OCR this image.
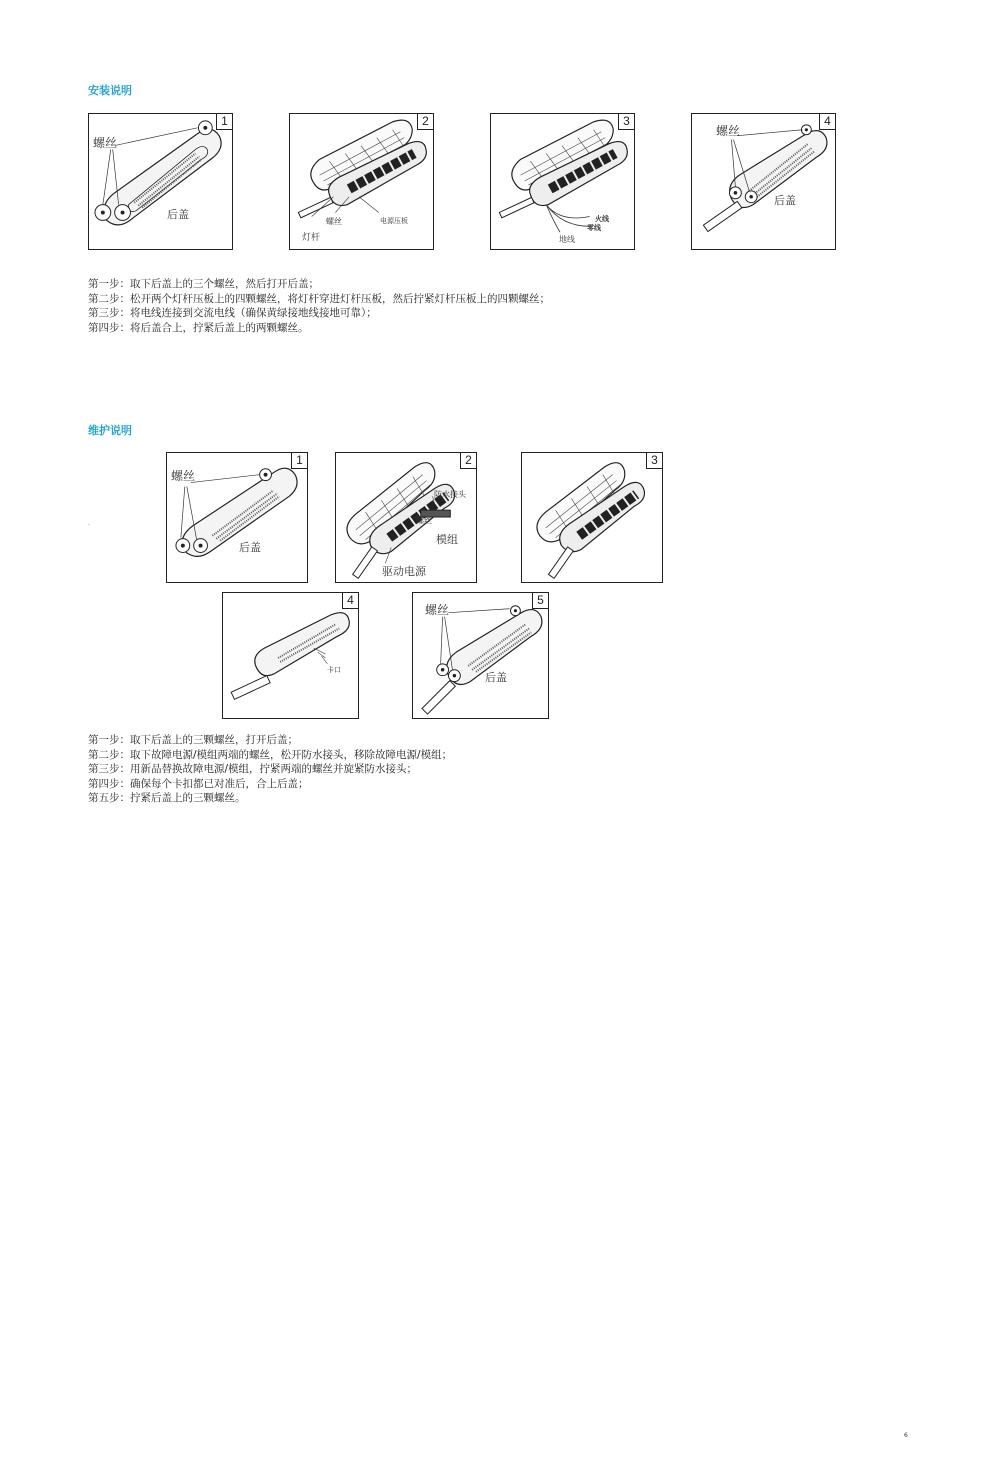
安装说明
螺丝
后盖
1
灯杆
螺丝	电源压板
2
火线
零线
地线
3
螺丝
后盖
4
第一步：取下后盖上的三个螺丝，然后打开后盖；
第二步：松开两个灯杆压板上的四颗螺丝，将灯杆穿进灯杆压板，然后拧紧灯杆压板上的四颗螺丝；
第三步：将电线连接到交流电线（确保黄绿接地线接地可靠）；
第四步：将后盖合上，拧紧后盖上的两颗螺丝。
维护说明
.
螺丝
后盖
1
防水接头
螺丝
模组
驱动电源
2	3
卡口
4
螺丝
后盖
5
第一步：取下后盖上的三颗螺丝，打开后盖；
第二步：取下故障电源/模组两端的螺丝，松开防水接头，移除故障电源/模组；
第三步：用新品替换故障电源/模组，拧紧两端的螺丝并旋紧防水接头；
第四步：确保每个卡扣都已对准后，合上后盖；
第五步：拧紧后盖上的三颗螺丝。
6
